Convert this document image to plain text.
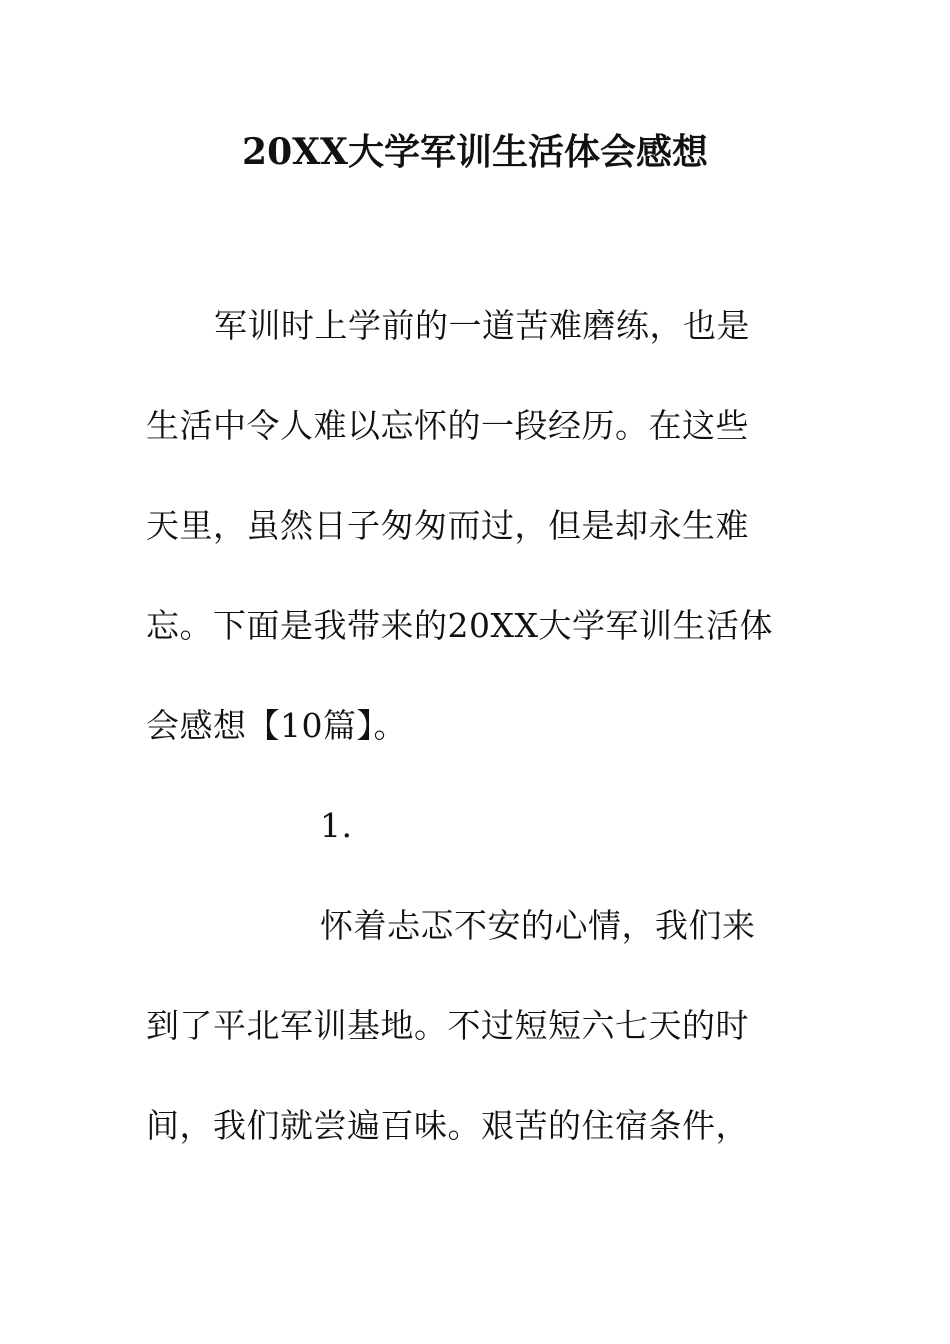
20XX大学军训生活体会感想
军训时上学前的一道苦难磨练，也是
生活中令人难以忘怀的一段经历。在这些
天里，虽然日子匆匆而过，但是却永生难
忘。下面是我带来的20XX大学军训生活体
会感想【10篇】。
1.
怀着忐忑不安的心情，我们来
到了平北军训基地。不过短短六七天的时
间，我们就尝遍百味。艰苦的住宿条件，
